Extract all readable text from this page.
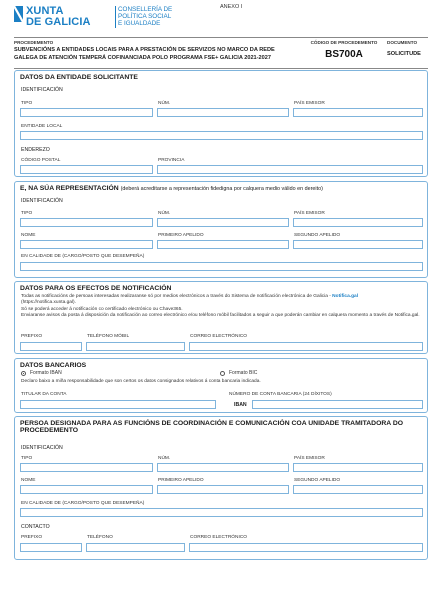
XUNTA
DE GALICIA
CONSELLERÍA DE
POLÍTICA SOCIAL
E IGUALDADE
ANEXO I
PROCEDEMENTO
SUBVENCIÓNS A ENTIDADES LOCAIS PARA A PRESTACIÓN DE SERVIZOS NO MARCO DA REDE
GALEGA DE ATENCIÓN TEMPERÁ COFINANCIADA POLO PROGRAMA FSE+ GALICIA 2021-2027
CÓDIGO DE PROCEDEMENTO
BS700A
DOCUMENTO
SOLICITUDE
DATOS DA ENTIDADE SOLICITANTE
IDENTIFICACIÓN
TIPO	NÚM.	PAÍS EMISOR
ENTIDADE LOCAL
ENDEREZO
CÓDIGO POSTAL	PROVINCIA
E, NA SÚA REPRESENTACIÓN (deberá acreditarse a representación fidedigna por calquera medio válido en dereito)
IDENTIFICACIÓN
TIPO	NÚM.	PAÍS EMISOR
NOME	PRIMEIRO APELIDO	SEGUNDO APELIDO
EN CALIDADE DE (CARGO/POSTO QUE DESEMPEÑA)
DATOS PARA OS EFECTOS DE NOTIFICACIÓN
Todas as notificacións de persoas interesadas realizaranse só por medios electrónicos a través do Sistema de notificación electrónica de Galicia - Notifica.gal
(https://notifica.xunta.gal).
Só se poderá acceder á notificación co certificado electrónico ou Chave365.
Enviaranse avisos da posta á disposición da notificación ao correo electrónico e/ou teléfono móbil facilitados a seguir a que poderán cambiar en calquera momento a través de Notifica.gal.
PREFIXO	TELÉFONO MÓBIL	CORREO ELECTRÓNICO
DATOS BANCARIOS
Formato IBAN	Formato BIC
Declaro baixo a miña responsabilidade que son certos os datos consignados relativos á conta bancaria indicada.
TITULAR DA CONTA	NÚMERO DE CONTA BANCARIA (24 DÍXITOS)
IBAN
PERSOA DESIGNADA PARA AS FUNCIÓNS DE COORDINACIÓN E COMUNICACIÓN COA UNIDADE TRAMITADORA DO
PROCEDEMENTO
IDENTIFICACIÓN
TIPO	NÚM.	PAÍS EMISOR
NOME	PRIMEIRO APELIDO	SEGUNDO APELIDO
EN CALIDADE DE (CARGO/POSTO QUE DESEMPEÑA)
CONTACTO
PREFIXO	TELÉFONO	CORREO ELECTRÓNICO
